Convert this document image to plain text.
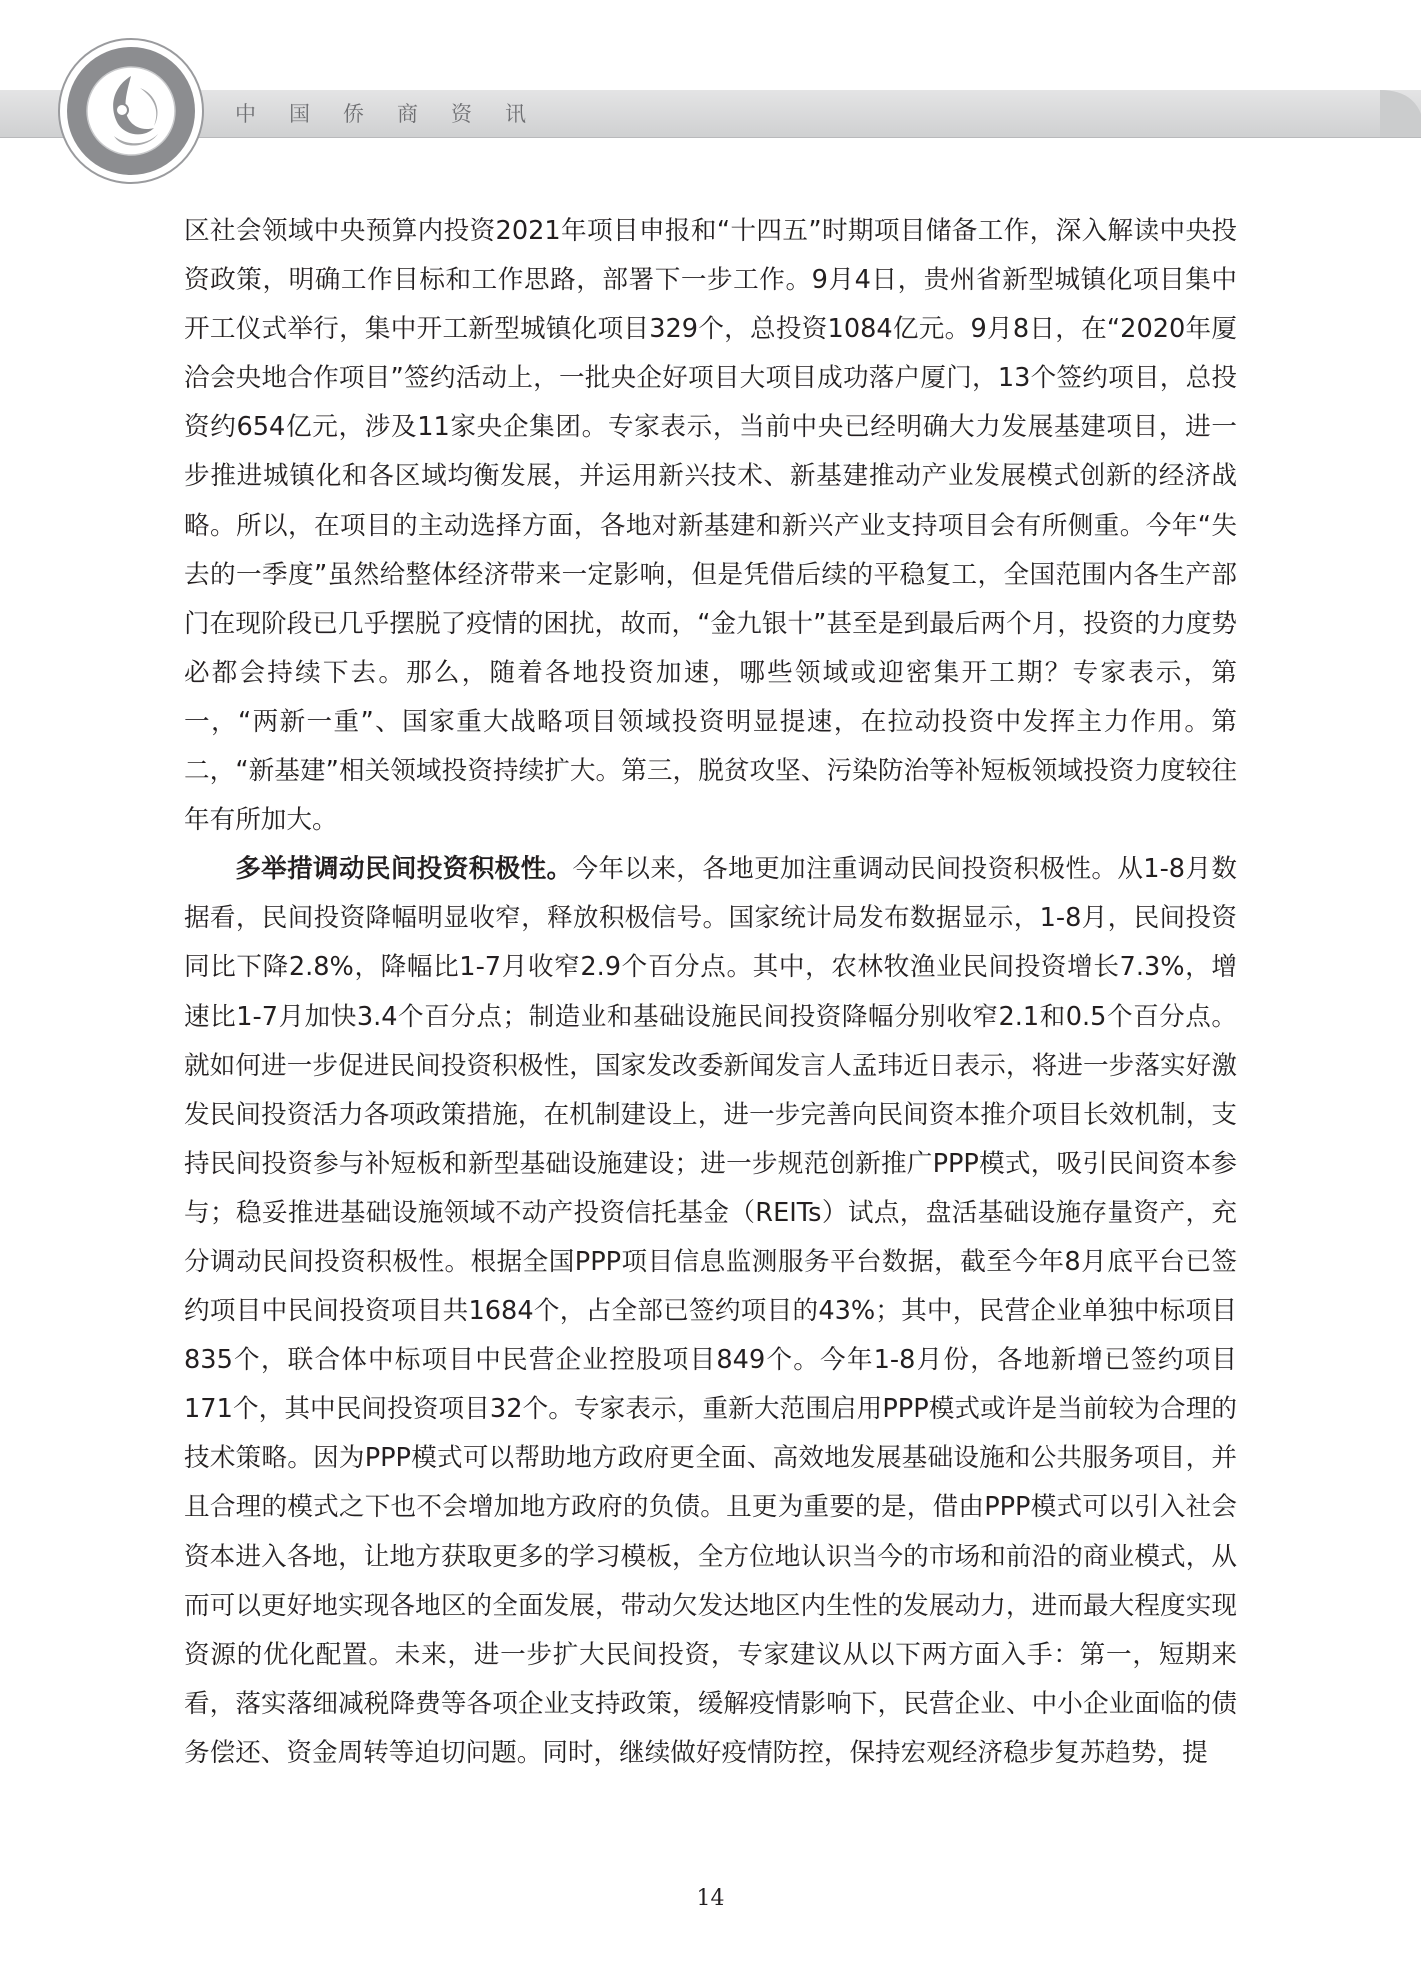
中国侨商资讯

区社会领域中央预算内投资2021年项目申报和“十四五”时期项目储备工作，深入解读中央投资政策，明确工作目标和工作思路，部署下一步工作。9月4日，贵州省新型城镇化项目集中开工仪式举行，集中开工新型城镇化项目329个，总投资1084亿元。9月8日，在“2020年厦洽会央地合作项目”签约活动上，一批央企好项目大项目成功落户厦门，13个签约项目，总投资约654亿元，涉及11家央企集团。专家表示，当前中央已经明确大力发展基建项目，进一步推进城镇化和各区域均衡发展，并运用新兴技术、新基建推动产业发展模式创新的经济战略。所以，在项目的主动选择方面，各地对新基建和新兴产业支持项目会有所侧重。今年“失去的一季度”虽然给整体经济带来一定影响，但是凭借后续的平稳复工，全国范围内各生产部门在现阶段已几乎摆脱了疫情的困扰，故而，“金九银十”甚至是到最后两个月，投资的力度势必都会持续下去。那么，随着各地投资加速，哪些领域或迎密集开工期？专家表示，第一，“两新一重”、国家重大战略项目领域投资明显提速，在拉动投资中发挥主力作用。第二，“新基建”相关领域投资持续扩大。第三，脱贫攻坚、污染防治等补短板领域投资力度较往年有所加大。

多举措调动民间投资积极性。今年以来，各地更加注重调动民间投资积极性。从1-8月数据看，民间投资降幅明显收窄，释放积极信号。国家统计局发布数据显示，1-8月，民间投资同比下降2.8%，降幅比1-7月收窄2.9个百分点。其中，农林牧渔业民间投资增长7.3%，增速比1-7月加快3.4个百分点；制造业和基础设施民间投资降幅分别收窄2.1和0.5个百分点。就如何进一步促进民间投资积极性，国家发改委新闻发言人孟玮近日表示，将进一步落实好激发民间投资活力各项政策措施，在机制建设上，进一步完善向民间资本推介项目长效机制，支持民间投资参与补短板和新型基础设施建设；进一步规范创新推广PPP模式，吸引民间资本参与；稳妥推进基础设施领域不动产投资信托基金（REITs）试点，盘活基础设施存量资产，充分调动民间投资积极性。根据全国PPP项目信息监测服务平台数据，截至今年8月底平台已签约项目中民间投资项目共1684个，占全部已签约项目的43%；其中，民营企业单独中标项目835个，联合体中标项目中民营企业控股项目849个。今年1-8月份，各地新增已签约项目171个，其中民间投资项目32个。专家表示，重新大范围启用PPP模式或许是当前较为合理的技术策略。因为PPP模式可以帮助地方政府更全面、高效地发展基础设施和公共服务项目，并且合理的模式之下也不会增加地方政府的负债。且更为重要的是，借由PPP模式可以引入社会资本进入各地，让地方获取更多的学习模板，全方位地认识当今的市场和前沿的商业模式，从而可以更好地实现各地区的全面发展，带动欠发达地区内生性的发展动力，进而最大程度实现资源的优化配置。未来，进一步扩大民间投资，专家建议从以下两方面入手：第一，短期来看，落实落细减税降费等各项企业支持政策，缓解疫情影响下，民营企业、中小企业面临的债务偿还、资金周转等迫切问题。同时，继续做好疫情防控，保持宏观经济稳步复苏趋势，提

14
